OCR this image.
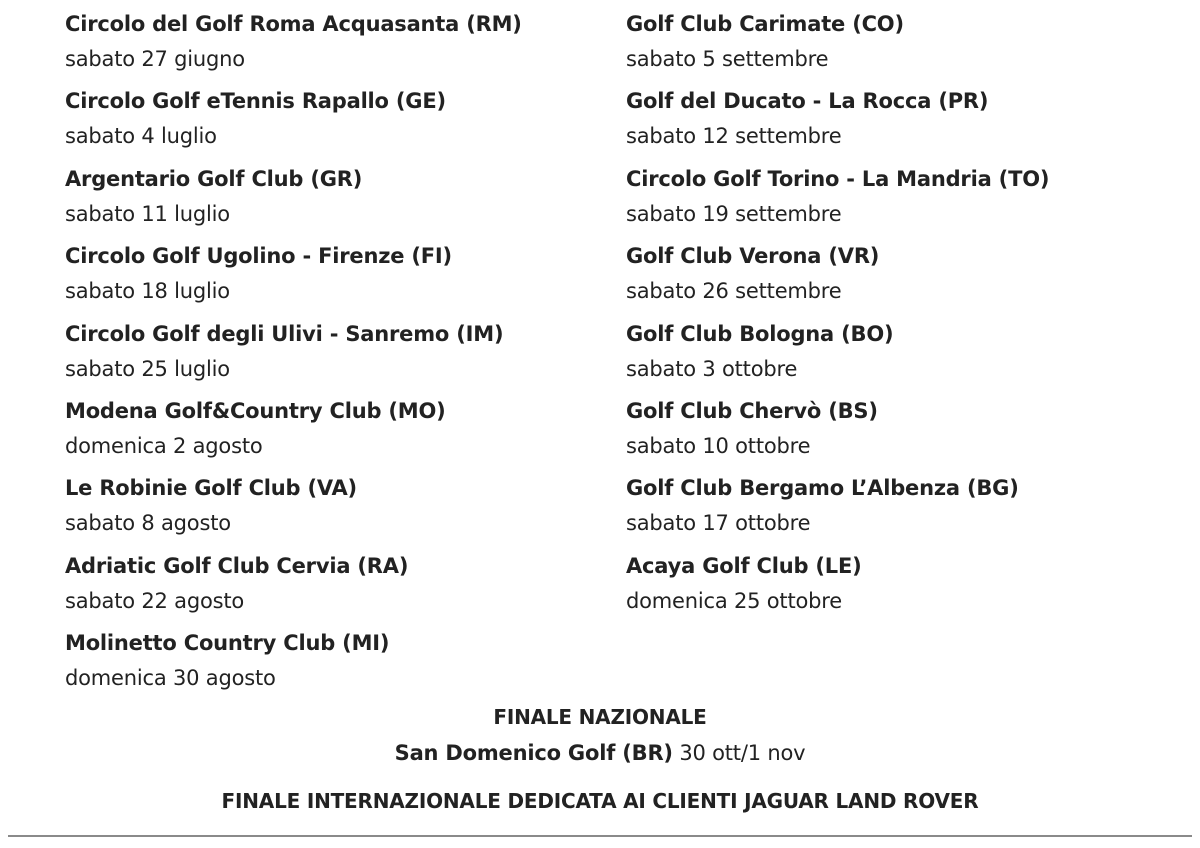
Circolo del Golf Roma Acquasanta (RM)
sabato 27 giugno
Circolo Golf eTennis Rapallo (GE)
sabato 4 luglio
Argentario Golf Club (GR)
sabato 11 luglio
Circolo Golf Ugolino - Firenze (FI)
sabato 18 luglio
Circolo Golf degli Ulivi - Sanremo (IM)
sabato 25 luglio
Modena Golf&Country Club (MO)
domenica 2 agosto
Le Robinie Golf Club (VA)
sabato 8 agosto
Adriatic Golf Club Cervia (RA)
sabato 22 agosto
Molinetto Country Club (MI)
domenica 30 agosto
Golf Club Carimate (CO)
sabato 5 settembre
Golf del Ducato - La Rocca (PR)
sabato 12 settembre
Circolo Golf Torino - La Mandria (TO)
sabato 19 settembre
Golf Club Verona (VR)
sabato 26 settembre
Golf Club Bologna (BO)
sabato 3 ottobre
Golf Club Chervò (BS)
sabato 10 ottobre
Golf Club Bergamo L’Albenza (BG)
sabato 17 ottobre
Acaya Golf Club (LE)
domenica 25 ottobre
FINALE NAZIONALE
San Domenico Golf (BR) 30 ott/1 nov
FINALE INTERNAZIONALE DEDICATA AI CLIENTI JAGUAR LAND ROVER
